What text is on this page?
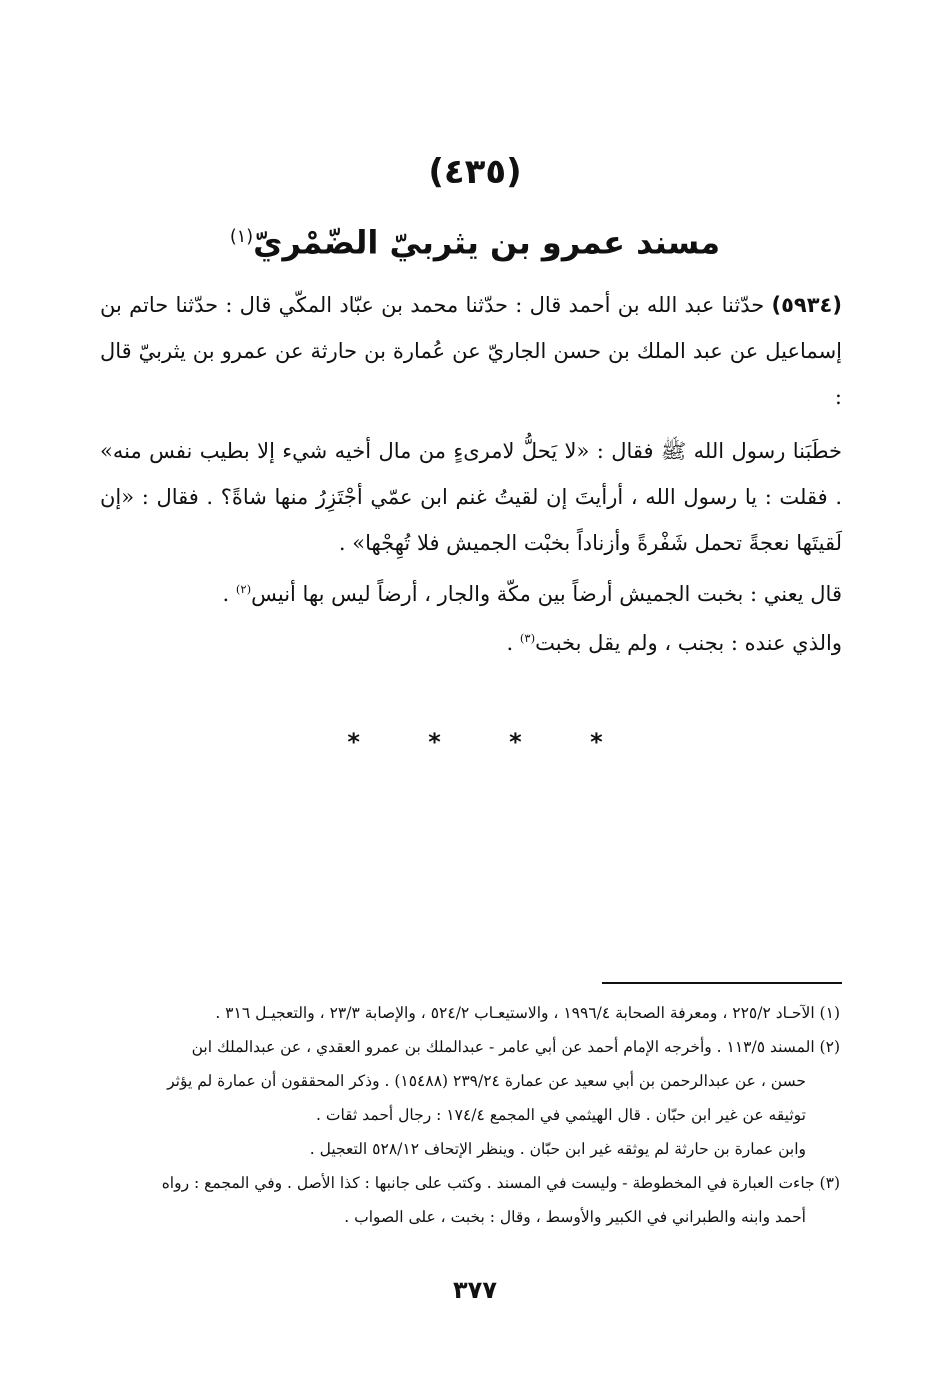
(٤٣٥)
مسند عمرو بن يثربيّ الضّمْريّ$^{(١)}$
(٥٩٣٤) حدّثنا عبد الله بن أحمد قال : حدّثنا محمد بن عبّاد المكّي قال : حدّثنا حاتم بن إسماعيل عن عبد الملك بن حسن الجاريّ عن عُمارة بن حارثة عن عمرو بن يثربيّ قال :
خطَبَنا رسول الله ﷺ فقال : «لا يَحلُّ لامرىءٍ من مال أخيه شيء إلا بطيب نفس منه» . فقلت : يا رسول الله ، أرأيتَ إن لقيتُ غنم ابن عمّي أجْتَزِرُ منها شاةً؟ . فقال : «إن لَقيتَها نعجةً تحمل شَفْرةً وأزناداً بخبْت الجميش فلا تُهِجْها» .
قال يعني : بخبت الجميش أرضاً بين مكّة والجار ، أرضاً ليس بها أنيس$^{(٢)}$ .
والذي عنده : بجنب ، ولم يقل بخبت$^{(٣)}$ .
* * * *
(١) الآحـاد ٢٢٥/٢ ، ومعرفة الصحابة ١٩٩٦/٤ ، والاستيعـاب ٥٢٤/٢ ، والإصابة ٢٣/٣ ، والتعجيـل ٣١٦ .
(٢) المسند ١١٣/٥ . وأخرجه الإمام أحمد عن أبي عامر - عبدالملك بن عمرو العقدي ، عن عبدالملك ابن
حسن ، عن عبدالرحمن بن أبي سعيد عن عمارة ٢٣٩/٢٤ (١٥٤٨٨) . وذكر المحققون أن عمارة لم يؤثر
توثيقه عن غير ابن حبّان . قال الهيثمي في المجمع ١٧٤/٤ : رجال أحمد ثقات .
وابن عمارة بن حارثة لم يوثقه غير ابن حبّان . وينظر الإتحاف ٥٢٨/١٢ التعجيل .
(٣) جاءت العبارة في المخطوطة - وليست في المسند . وكتب على جانبها : كذا الأصل . وفي المجمع : رواه
أحمد وابنه والطبراني في الكبير والأوسط ، وقال : بخبت ، على الصواب .
٣٧٧
